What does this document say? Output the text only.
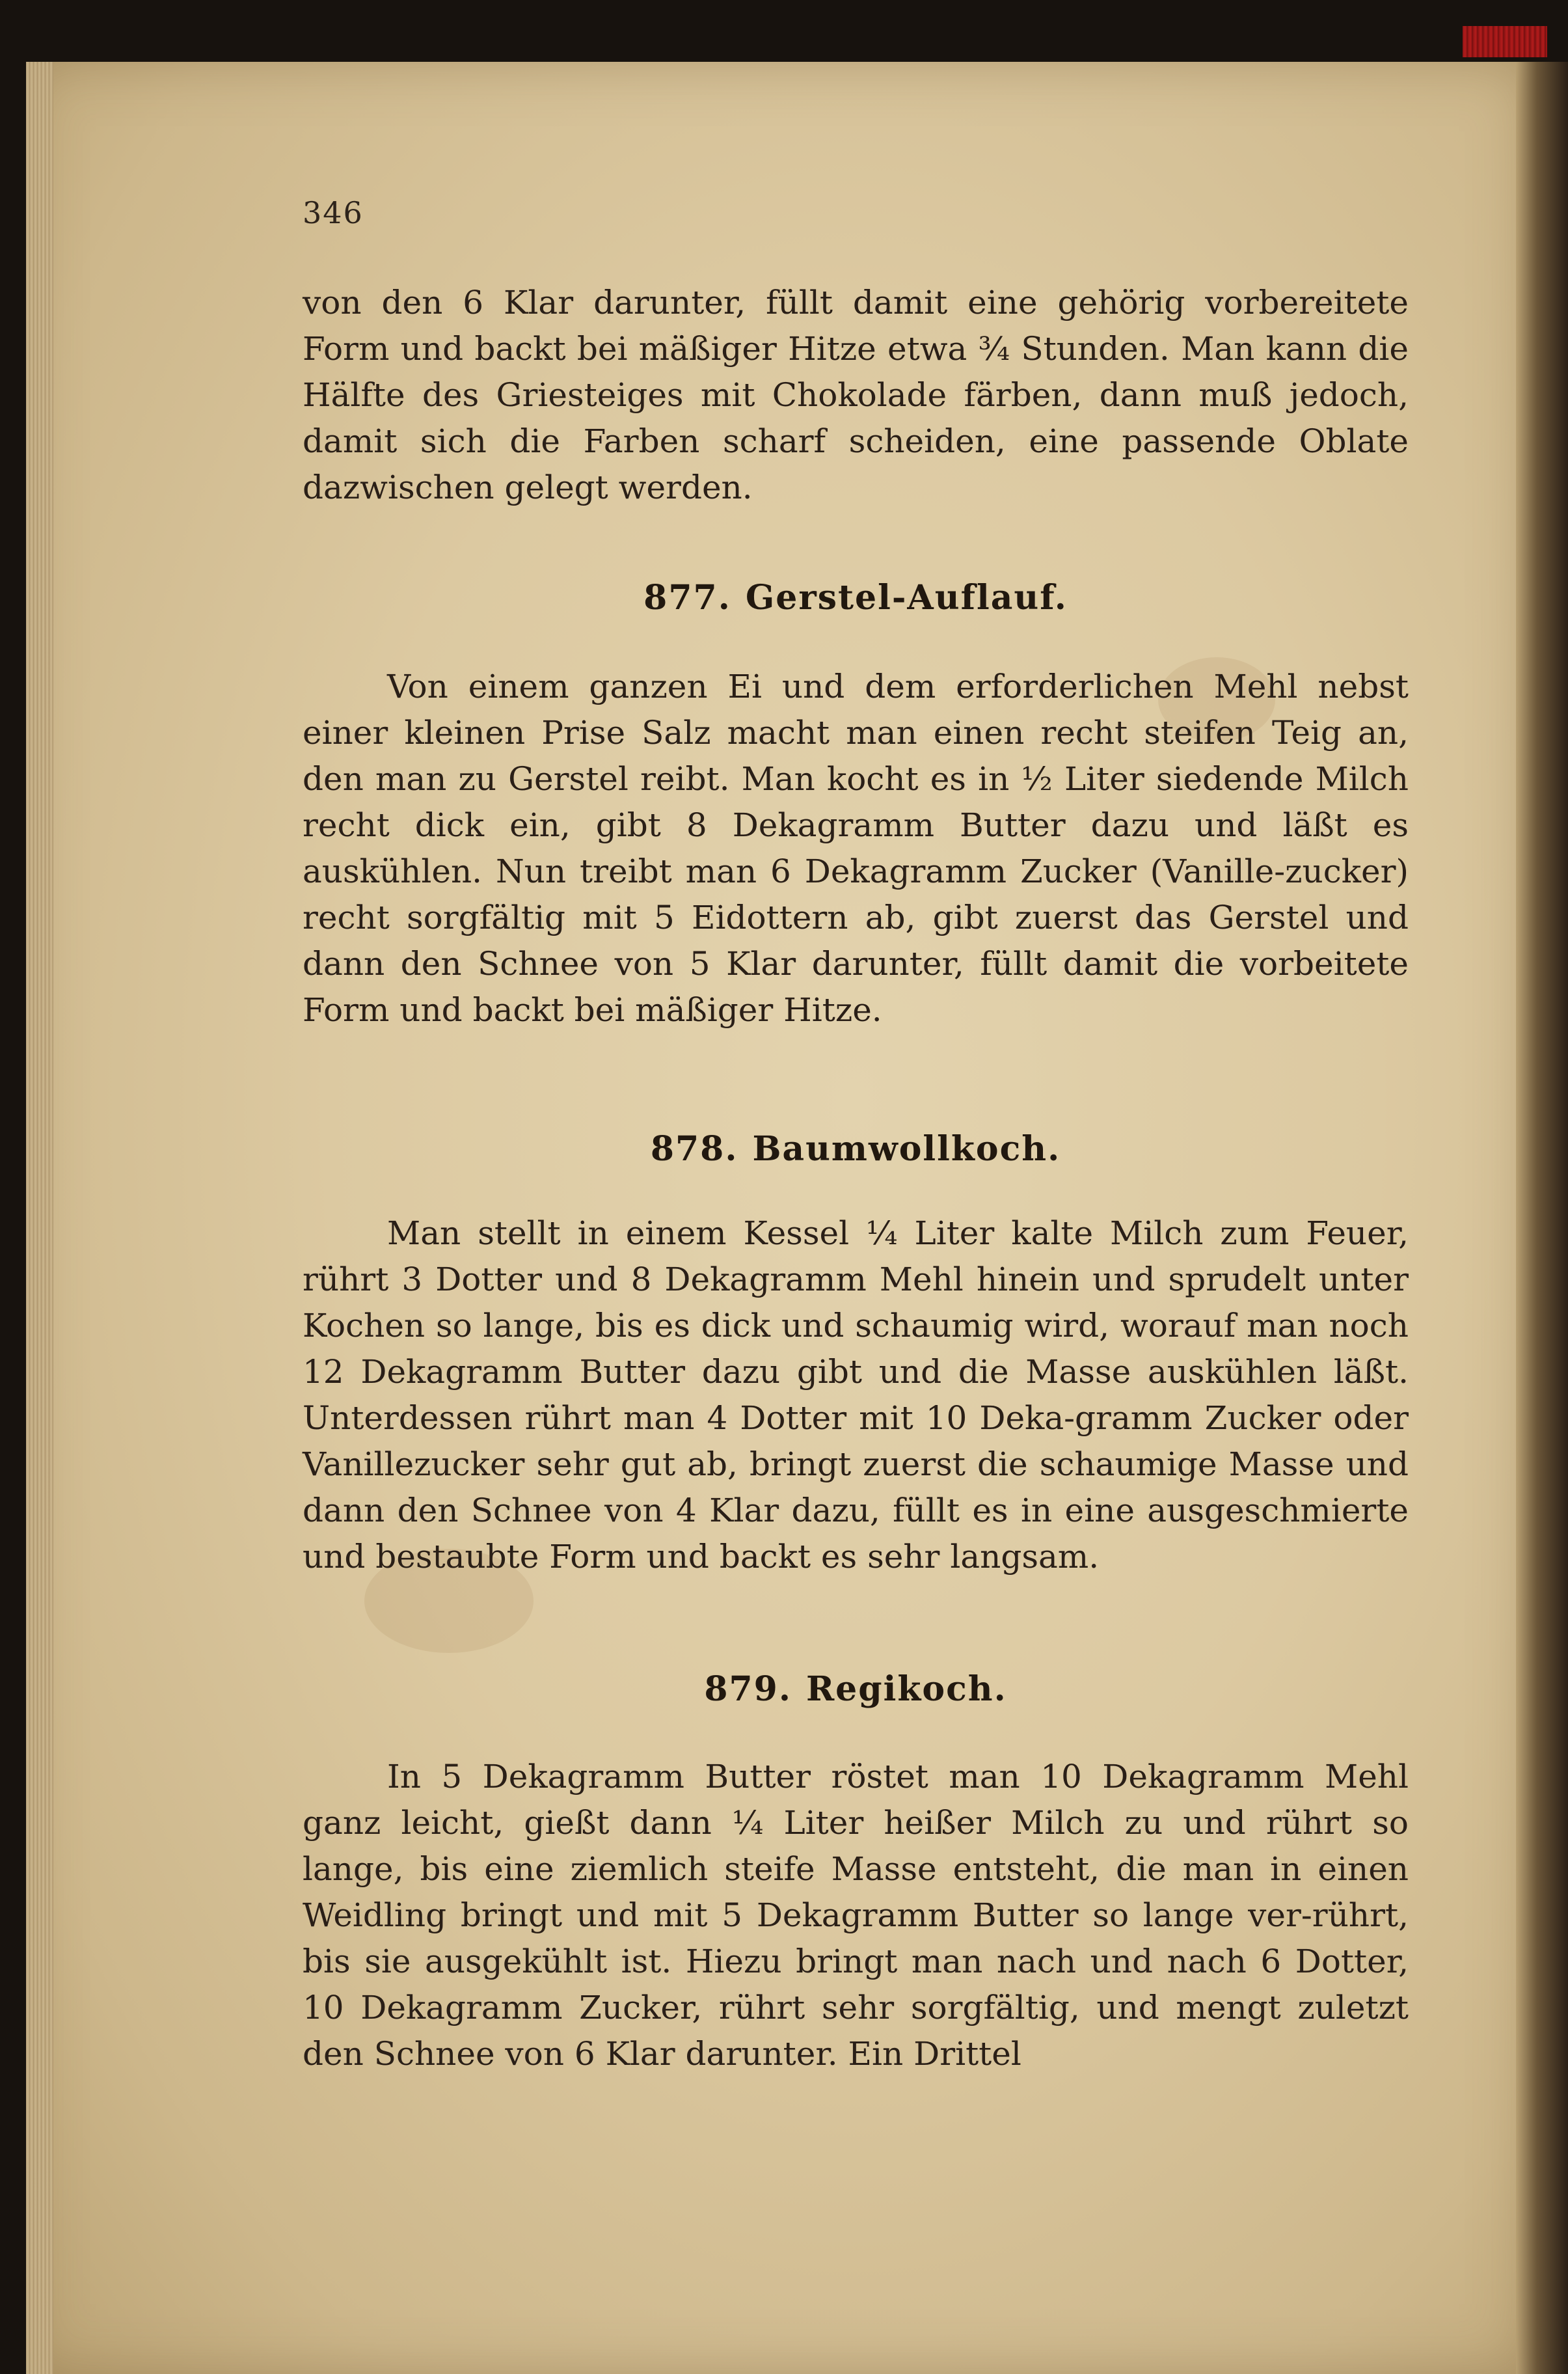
346

von den 6 Klar darunter, füllt damit eine gehörig vorbereitete Form und backt bei mäßiger Hitze etwa ¾ Stunden. Man kann die Hälfte des Griesteiges mit Chokolade färben, dann muß jedoch, damit sich die Farben scharf scheiden, eine passende Oblate dazwischen gelegt werden.

877. Gerstel-Auflauf.

Von einem ganzen Ei und dem erforderlichen Mehl nebst einer kleinen Prise Salz macht man einen recht steifen Teig an, den man zu Gerstel reibt. Man kocht es in ½ Liter siedende Milch recht dick ein, gibt 8 Dekagramm Butter dazu und läßt es auskühlen. Nun treibt man 6 Dekagramm Zucker (Vanille-zucker) recht sorgfältig mit 5 Eidottern ab, gibt zuerst das Gerstel und dann den Schnee von 5 Klar darunter, füllt damit die vorbeitete Form und backt bei mäßiger Hitze.

878. Baumwollkoch.

Man stellt in einem Kessel ¼ Liter kalte Milch zum Feuer, rührt 3 Dotter und 8 Dekagramm Mehl hinein und sprudelt unter Kochen so lange, bis es dick und schaumig wird, worauf man noch 12 Dekagramm Butter dazu gibt und die Masse auskühlen läßt. Unterdessen rührt man 4 Dotter mit 10 Deka-gramm Zucker oder Vanillezucker sehr gut ab, bringt zuerst die schaumige Masse und dann den Schnee von 4 Klar dazu, füllt es in eine ausgeschmierte und bestaubte Form und backt es sehr langsam.

879. Regikoch.

In 5 Dekagramm Butter röstet man 10 Dekagramm Mehl ganz leicht, gießt dann ¼ Liter heißer Milch zu und rührt so lange, bis eine ziemlich steife Masse entsteht, die man in einen Weidling bringt und mit 5 Dekagramm Butter so lange ver-rührt, bis sie ausgekühlt ist. Hiezu bringt man nach und nach 6 Dotter, 10 Dekagramm Zucker, rührt sehr sorgfältig, und mengt zuletzt den Schnee von 6 Klar darunter. Ein Drittel
